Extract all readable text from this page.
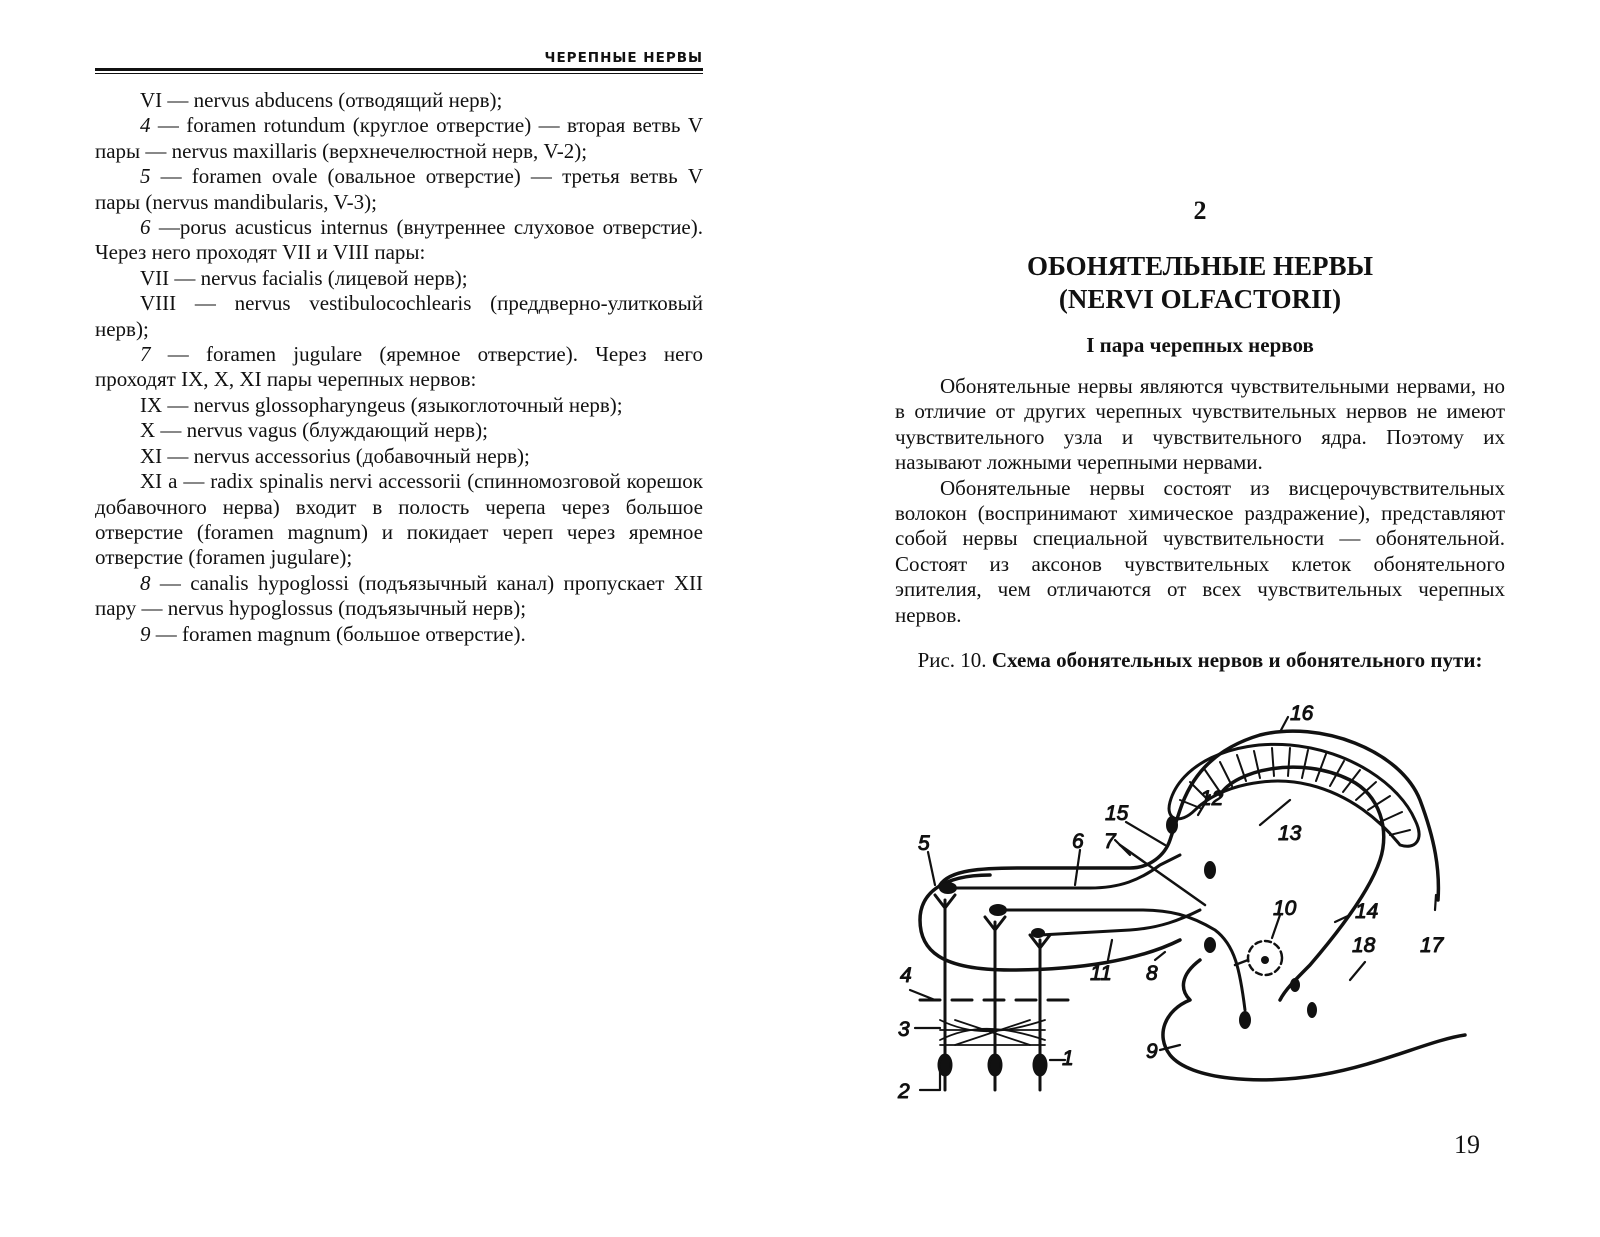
ЧЕРЕПНЫЕ НЕРВЫ

VI — nervus abducens (отводящий нерв);

4 — foramen rotundum (круглое отверстие) — вторая ветвь V пары — nervus maxillaris (верхнечелюстной нерв, V-2);

5 — foramen ovale (овальное отверстие) — третья ветвь V пары (nervus mandibularis, V-3);

6 —porus acusticus internus (внутреннее слуховое отверстие). Через него проходят VII и VIII пары:

VII — nervus facialis (лицевой нерв);

VIII — nervus vestibulocochlearis (преддверно-улитковый нерв);

7 — foramen jugulare (яремное отверстие). Через него проходят IX, X, XI пары черепных нервов:

IX — nervus glossopharyngeus (языкоглоточный нерв);

X — nervus vagus (блуждающий нерв);

XI — nervus accessorius (добавочный нерв);

XI a — radix spinalis nervi accessorii (спинномозговой корешок добавочного нерва) входит в полость черепа через большое отверстие (foramen magnum) и покидает череп через яремное отверстие (foramen jugulare);

8 — canalis hypoglossi (подъязычный канал) пропускает XII пару — nervus hypoglossus (подъязычный нерв);

9 — foramen magnum (большое отверстие).

2
ОБОНЯТЕЛЬНЫЕ НЕРВЫ
(NERVI OLFACTORII)
I пара черепных нервов

Обонятельные нервы являются чувствительными нервами, но в отличие от других черепных чувствительных нервов не имеют чувствительного узла и чувствительного ядра. Поэтому их называют ложными черепными нервами.

Обонятельные нервы состоят из висцерочувствительных волокон (воспринимают химическое раздражение), представляют собой нервы специальной чувствительности — обонятельной. Состоят из аксонов чувствительных клеток обонятельного эпителия, чем отличаются от всех чувствительных черепных нервов.

Рис. 10. Схема обонятельных нервов и обонятельного пути:
1
2
3
4
5	6 7
8
9
10
11
12
13
14
15
16
17
18
19
